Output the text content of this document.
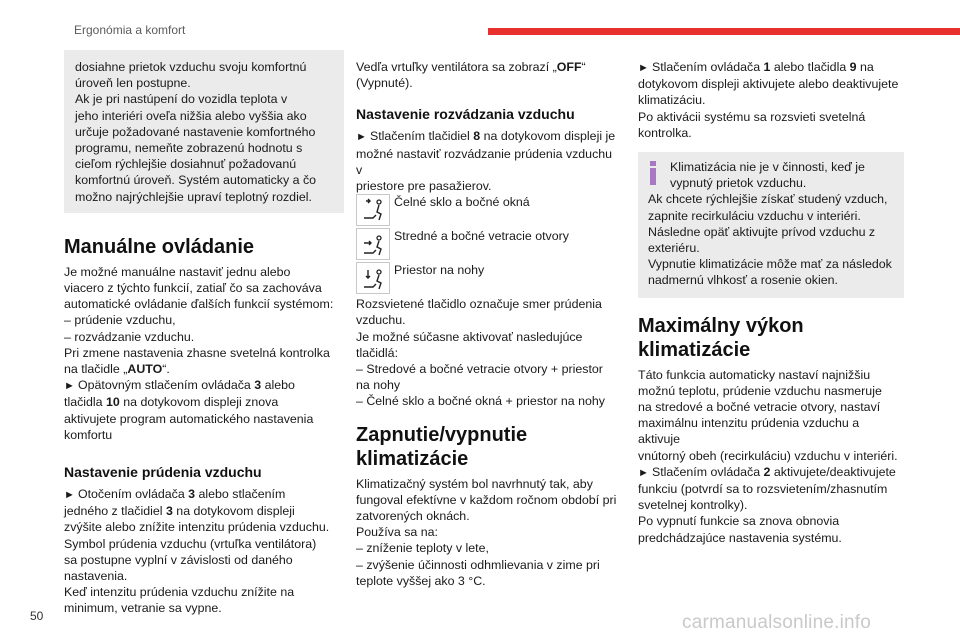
Ergonómia a komfort

dosiahne prietok vzduchu svoju komfortnú

úroveň len postupne.

Ak je pri nastúpení do vozidla teplota v

jeho interiéri oveľa nižšia alebo vyššia ako

určuje požadované nastavenie komfortného

programu, nemeňte zobrazenú hodnotu s

cieľom rýchlejšie dosiahnuť požadovanú

komfortnú úroveň. Systém automaticky a čo

možno najrýchlejšie upraví teplotný rozdiel.

Manuálne ovládanie

Je možné manuálne nastaviť jednu alebo

viacero z týchto funkcií, zatiaľ čo sa zachováva

automatické ovládanie ďalších funkcií systémom:

– prúdenie vzduchu,

– rozvádzanie vzduchu.

Pri zmene nastavenia zhasne svetelná kontrolka

na tlačidle „AUTO“.

► Opätovným stlačením ovládača 3 alebo

tlačidla 10 na dotykovom displeji znova

aktivujete program automatického nastavenia

komfortu

Nastavenie prúdenia vzduchu

► Otočením ovládača 3 alebo stlačením

jedného z tlačidiel 3 na dotykovom displeji

zvýšite alebo znížite intenzitu prúdenia vzduchu.

Symbol prúdenia vzduchu (vrtuľka ventilátora)

sa postupne vyplní v závislosti od daného

nastavenia.

Keď intenzitu prúdenia vzduchu znížite na

minimum, vetranie sa vypne.

Vedľa vrtuľky ventilátora sa zobrazí „OFF“

(Vypnuté).

Nastavenie rozvádzania vzduchu

► Stlačením tlačidiel 8 na dotykovom displeji je

možné nastaviť rozvádzanie prúdenia vzduchu v

priestore pre pasažierov.

Čelné sklo a bočné okná
Stredné a bočné vetracie otvory
Priestor na nohy

Rozsvietené tlačidlo označuje smer prúdenia

vzduchu.

Je možné súčasne aktivovať nasledujúce

tlačidlá:

– Stredové a bočné vetracie otvory + priestor

na nohy

– Čelné sklo a bočné okná + priestor na nohy

Zapnutie/vypnutie
klimatizácie

Klimatizačný systém bol navrhnutý tak, aby

fungoval efektívne v každom ročnom období pri

zatvorených oknách.

Používa sa na:

– zníženie teploty v lete,

– zvýšenie účinnosti odhmlievania v zime pri

teplote vyššej ako 3 °C.

► Stlačením ovládača 1 alebo tlačidla 9 na

dotykovom displeji aktivujete alebo deaktivujete

klimatizáciu.

Po aktivácii systému sa rozsvieti svetelná

kontrolka.

Klimatizácia nie je v činnosti, keď je

vypnutý prietok vzduchu.

Ak chcete rýchlejšie získať studený vzduch,

zapnite recirkuláciu vzduchu v interiéri.

Následne opäť aktivujte prívod vzduchu z

exteriéru.

Vypnutie klimatizácie môže mať za následok

nadmernú vlhkosť a rosenie okien.

Maximálny výkon
klimatizácie

Táto funkcia automaticky nastaví najnižšiu

možnú teplotu, prúdenie vzduchu nasmeruje

na stredové a bočné vetracie otvory, nastaví

maximálnu intenzitu prúdenia vzduchu a aktivuje

vnútorný obeh (recirkuláciu) vzduchu v interiéri.

► Stlačením ovládača 2 aktivujete/deaktivujete

funkciu (potvrdí sa to rozsvietením/zhasnutím

svetelnej kontrolky).

Po vypnutí funkcie sa znova obnovia

predchádzajúce nastavenia systému.

50	carmanualsonline.info
